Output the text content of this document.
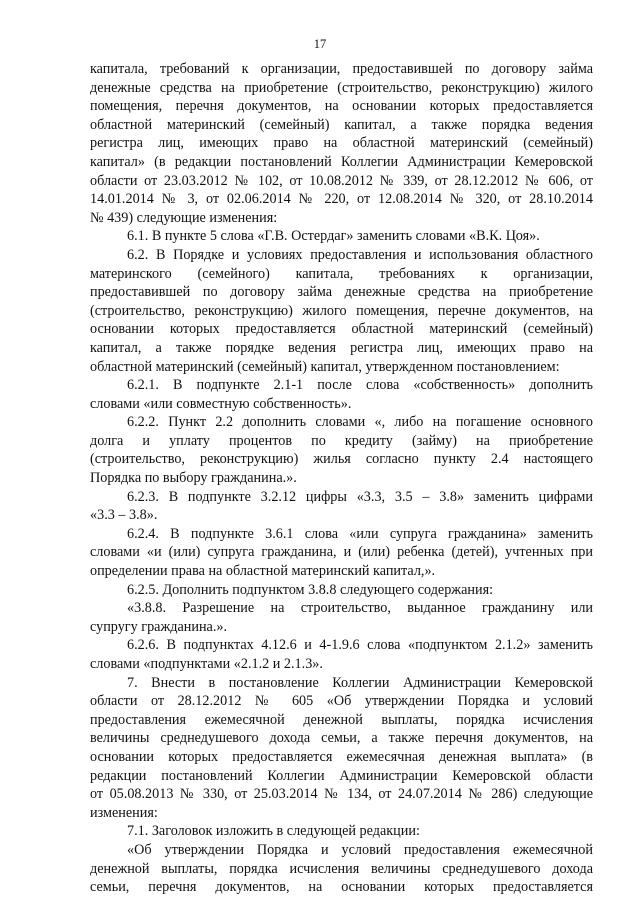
17
капитала, требований к организации, предоставившей по договору займа
денежные средства на приобретение (строительство, реконструкцию) жилого
помещения, перечня документов, на основании которых предоставляется
областной материнский (семейный) капитал, а также порядка ведения
регистра лиц, имеющих право на областной материнский (семейный)
капитал» (в редакции постановлений Коллегии Администрации Кемеровской
области от 23.03.2012 № 102, от 10.08.2012 № 339, от 28.12.2012 № 606, от
14.01.2014 № 3, от 02.06.2014 № 220, от 12.08.2014 № 320, от 28.10.2014
№ 439) следующие изменения:
6.1. В пункте 5 слова «Г.В. Остердаг» заменить словами «В.К. Цоя».
6.2. В Порядке и условиях предоставления и использования областного
материнского (семейного) капитала, требованиях к организации,
предоставившей по договору займа денежные средства на приобретение
(строительство, реконструкцию) жилого помещения, перечне документов, на
основании которых предоставляется областной материнский (семейный)
капитал, а также порядке ведения регистра лиц, имеющих право на
областной материнский (семейный) капитал, утвержденном постановлением:
6.2.1. В подпункте 2.1-1 после слова «собственность» дополнить
словами «или совместную собственность».
6.2.2. Пункт 2.2 дополнить словами «, либо на погашение основного
долга и уплату процентов по кредиту (займу) на приобретение
(строительство, реконструкцию) жилья согласно пункту 2.4 настоящего
Порядка по выбору гражданина.».
6.2.3. В подпункте 3.2.12 цифры «3.3, 3.5 – 3.8» заменить цифрами
«3.3 – 3.8».
6.2.4. В подпункте 3.6.1 слова «или супруга гражданина» заменить
словами «и (или) супруга гражданина, и (или) ребенка (детей), учтенных при
определении права на областной материнский капитал,».
6.2.5. Дополнить подпунктом 3.8.8 следующего содержания:
«3.8.8. Разрешение на строительство, выданное гражданину или
супругу гражданина.».
6.2.6. В подпунктах 4.12.6 и 4-1.9.6 слова «подпунктом 2.1.2» заменить
словами «подпунктами «2.1.2 и 2.1.3».
7. Внести в постановление Коллегии Администрации Кемеровской
области от 28.12.2012 № 605 «Об утверждении Порядка и условий
предоставления ежемесячной денежной выплаты, порядка исчисления
величины среднедушевого дохода семьи, а также перечня документов, на
основании которых предоставляется ежемесячная денежная выплата» (в
редакции постановлений Коллегии Администрации Кемеровской области
от 05.08.2013 № 330, от 25.03.2014 № 134, от 24.07.2014 № 286) следующие
изменения:
7.1. Заголовок изложить в следующей редакции:
«Об утверждении Порядка и условий предоставления ежемесячной
денежной выплаты, порядка исчисления величины среднедушевого дохода
семьи, перечня документов, на основании которых предоставляется
